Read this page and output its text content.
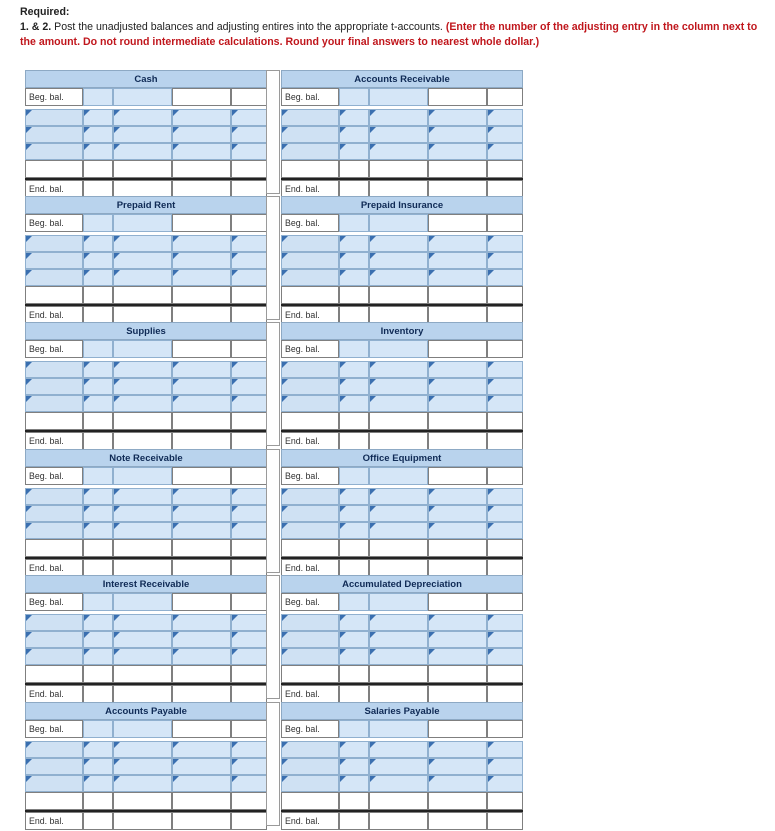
Required:
1. & 2. Post the unadjusted balances and adjusting entires into the appropriate t-accounts. (Enter the number of the adjusting entry in the column next to the amount. Do not round intermediate calculations. Round your final answers to nearest whole dollar.)
Cash
Beg. bal.
End. bal.
Accounts Receivable
Beg. bal.
End. bal.
Prepaid Rent
Beg. bal.
End. bal.
Prepaid Insurance
Beg. bal.
End. bal.
Supplies
Beg. bal.
End. bal.
Inventory
Beg. bal.
End. bal.
Note Receivable
Beg. bal.
End. bal.
Office Equipment
Beg. bal.
End. bal.
Interest Receivable
Beg. bal.
End. bal.
Accumulated Depreciation
Beg. bal.
End. bal.
Accounts Payable
Beg. bal.
End. bal.
Salaries Payable
Beg. bal.
End. bal.
